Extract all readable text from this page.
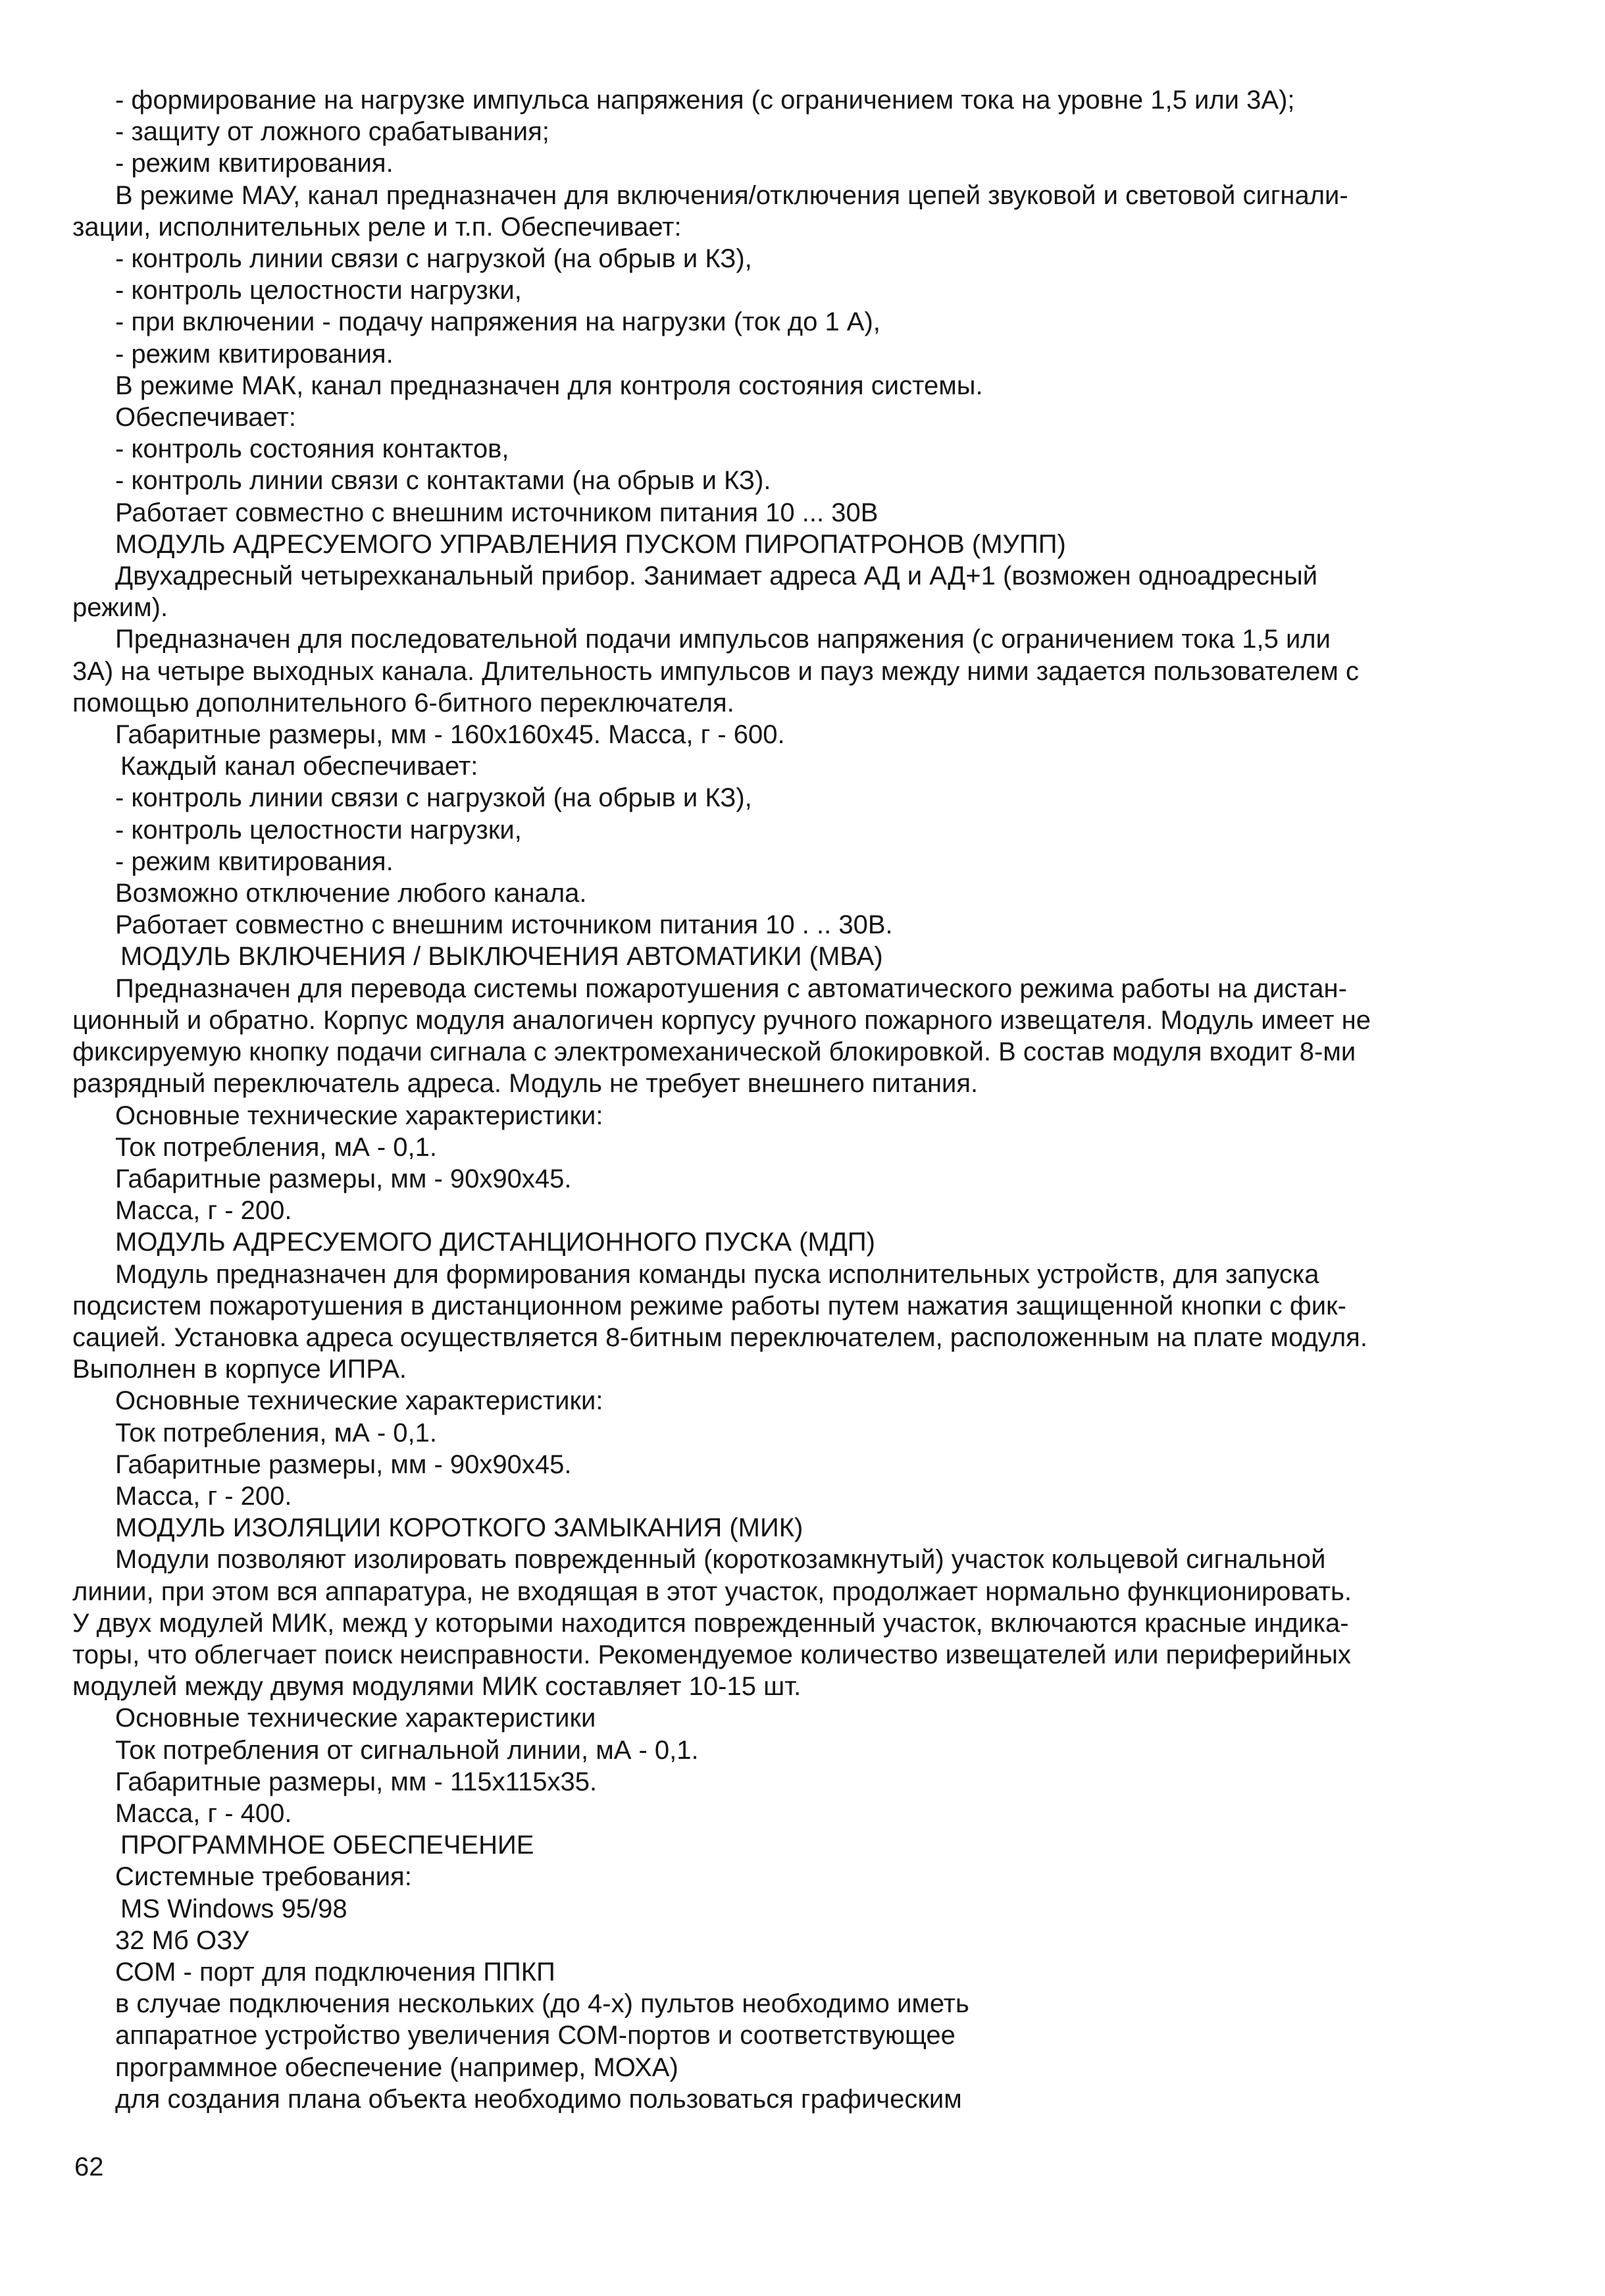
- формирование на нагрузке импульса напряжения (с ограничением тока на уровне 1,5 или 3А);
- защиту от ложного срабатывания;
- режим квитирования.
В режиме МАУ, канал предназначен для включения/отключения цепей звуковой и световой сигнали-
зации, исполнительных реле и т.п. Обеспечивает:
- контроль линии связи с нагрузкой (на обрыв и КЗ),
- контроль целостности нагрузки,
- при включении - подачу напряжения на нагрузки (ток до 1 А),
- режим квитирования.
В режиме МАК, канал предназначен для контроля состояния системы.
Обеспечивает:
- контроль состояния контактов,
- контроль линии связи с контактами (на обрыв и КЗ).
Работает совместно с внешним источником питания 10 ... 30В
МОДУЛЬ АДРЕСУЕМОГО УПРАВЛЕНИЯ ПУСКОМ ПИРОПАТРОНОВ (МУПП)
Двухадресный четырехканальный прибор. Занимает адреса АД и АД+1 (возможен одноадресный
режим).
Предназначен для последовательной подачи импульсов напряжения (с ограничением тока 1,5 или
3А) на четыре выходных канала. Длительность импульсов и пауз между ними задается пользователем с
помощью дополнительного 6-битного переключателя.
Габаритные размеры, мм - 160х160х45. Масса, г - 600.
Каждый канал обеспечивает:
- контроль линии связи с нагрузкой (на обрыв и КЗ),
- контроль целостности нагрузки,
- режим квитирования.
Возможно отключение любого канала.
Работает совместно с внешним источником питания 10 . .. 30В.
МОДУЛЬ ВКЛЮЧЕНИЯ / ВЫКЛЮЧЕНИЯ АВТОМАТИКИ (МВА)
Предназначен для перевода системы пожаротушения с автоматического режима работы на дистан-
ционный и обратно. Корпус модуля аналогичен корпусу ручного пожарного извещателя. Модуль имеет не
фиксируемую кнопку подачи сигнала с электромеханической блокировкой. В состав модуля входит 8-ми
разрядный переключатель адреса. Модуль не требует внешнего питания.
Основные технические характеристики:
Ток потребления, мА - 0,1.
Габаритные размеры, мм - 90х90х45.
Масса, г - 200.
МОДУЛЬ АДРЕСУЕМОГО ДИСТАНЦИОННОГО ПУСКА (МДП)
Модуль предназначен для формирования команды пуска исполнительных устройств, для запуска
подсистем пожаротушения в дистанционном режиме работы путем нажатия защищенной кнопки с фик-
сацией. Установка адреса осуществляется 8-битным переключателем, расположенным на плате модуля.
Выполнен в корпусе ИПРА.
Основные технические характеристики:
Ток потребления, мА - 0,1.
Габаритные размеры, мм - 90х90х45.
Масса, г - 200.
МОДУЛЬ ИЗОЛЯЦИИ КОРОТКОГО ЗАМЫКАНИЯ (МИК)
Модули позволяют изолировать поврежденный (короткозамкнутый) участок кольцевой сигнальной
линии, при этом вся аппаратура, не входящая в этот участок, продолжает нормально функционировать.
У двух модулей МИК, межд у которыми находится поврежденный участок, включаются красные индика-
торы, что облегчает поиск неисправности. Рекомендуемое количество извещателей или периферийных
модулей между двумя модулями МИК составляет 10-15 шт.
Основные технические характеристики
Ток потребления от сигнальной линии, мА - 0,1.
Габаритные размеры, мм - 115х115х35.
Масса, г - 400.
ПРОГРАММНОЕ ОБЕСПЕЧЕНИЕ
Системные требования:
MS Windows 95/98
32 Мб ОЗУ
СОМ - порт для подключения ППКП
в случае подключения нескольких (до 4-х) пультов необходимо иметь
аппаратное устройство увеличения СОМ-портов и соответствующее
программное обеспечение (например, МОХА)
для создания плана объекта необходимо пользоваться графическим
62
